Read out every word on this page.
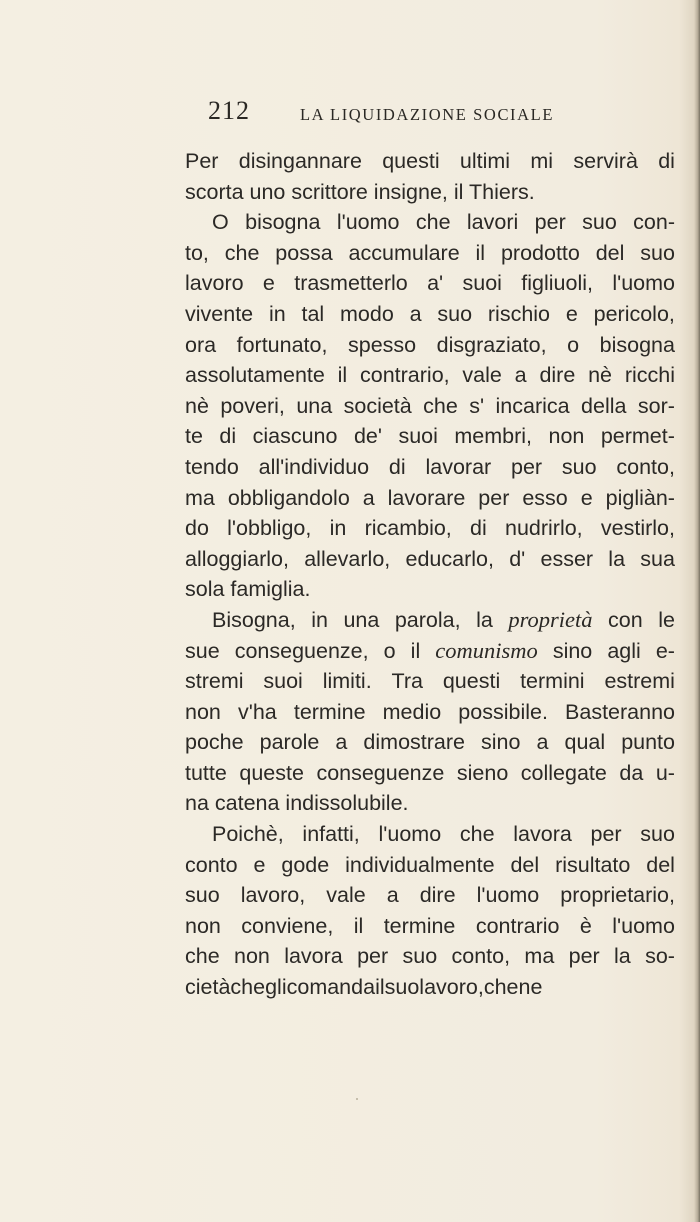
212	LA LIQUIDAZIONE SOCIALE
Per disingannare questi ultimi mi servirà di
scorta uno scrittore insigne, il Thiers.
O bisogna l'uomo che lavori per suo con-
to, che possa accumulare il prodotto del suo
lavoro e trasmetterlo a' suoi figliuoli, l'uomo
vivente in tal modo a suo rischio e pericolo,
ora fortunato, spesso disgraziato, o bisogna
assolutamente il contrario, vale a dire nè ricchi
nè poveri, una società che s' incarica della sor-
te di ciascuno de' suoi membri, non permet-
tendo all'individuo di lavorar per suo conto,
ma obbligandolo a lavorare per esso e pigliàn-
do l'obbligo, in ricambio, di nudrirlo, vestirlo,
alloggiarlo, allevarlo, educarlo, d' esser la sua
sola famiglia.
Bisogna, in una parola, la proprietà con le
sue conseguenze, o il comunismo sino agli e-
stremi suoi limiti. Tra questi termini estremi
non v'ha termine medio possibile. Basteranno
poche parole a dimostrare sino a qual punto
tutte queste conseguenze sieno collegate da u-
na catena indissolubile.
Poichè, infatti, l'uomo che lavora per suo
conto e gode individualmente del risultato del
suo lavoro, vale a dire l'uomo proprietario,
non conviene, il termine contrario è l'uomo
che non lavora per suo conto, ma per la so-
cietà che gli comanda il suo lavoro, che ne
